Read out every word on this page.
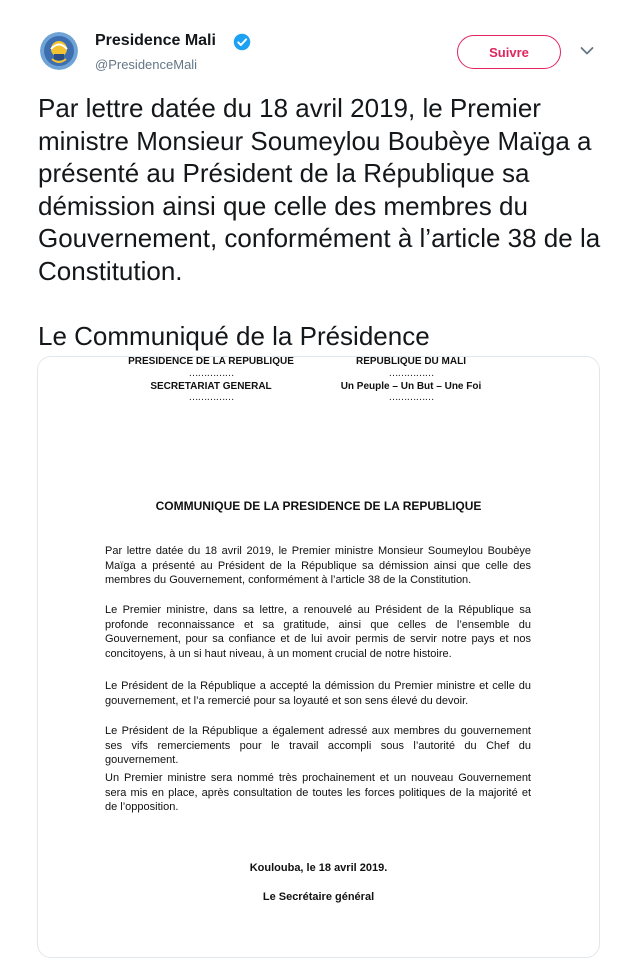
Presidence Mali
@PresidenceMali
Suivre

Par lettre datée du 18 avril 2019, le Premier ministre Monsieur Soumeylou Boubèye Maïga a présenté au Président de la République sa démission ainsi que celle des membres du Gouvernement, conformément à l’article 38 de la Constitution.

Le Communiqué de la Présidence

PRESIDENCE DE LA REPUBLIQUE
……………
SECRETARIAT GENERAL
……………
REPUBLIQUE DU MALI
……………
Un Peuple – Un But – Une Foi
……………
COMMUNIQUE DE LA PRESIDENCE DE LA REPUBLIQUE
Par lettre datée du 18 avril 2019, le Premier ministre Monsieur Soumeylou Boubèye Maïga a présenté au Président de la République sa démission ainsi que celle des membres du Gouvernement, conformément à l’article 38 de la Constitution.
Le Premier ministre, dans sa lettre, a renouvelé au Président de la République sa profonde reconnaissance et sa gratitude, ainsi que celles de l’ensemble du Gouvernement, pour sa confiance et de lui avoir permis de servir notre pays et nos concitoyens, à un si haut niveau, à un moment crucial de notre histoire.
Le Président de la République a accepté la démission du Premier ministre et celle du gouvernement, et l’a remercié pour sa loyauté et son sens élevé du devoir.
Le Président de la République a également adressé aux membres du gouvernement ses vifs remerciements pour le travail accompli sous l’autorité du Chef du gouvernement.
Un Premier ministre sera nommé très prochainement et un nouveau Gouvernement sera mis en place, après consultation de toutes les forces politiques de la majorité et de l’opposition.
Koulouba, le 18 avril 2019.
Le Secrétaire général
